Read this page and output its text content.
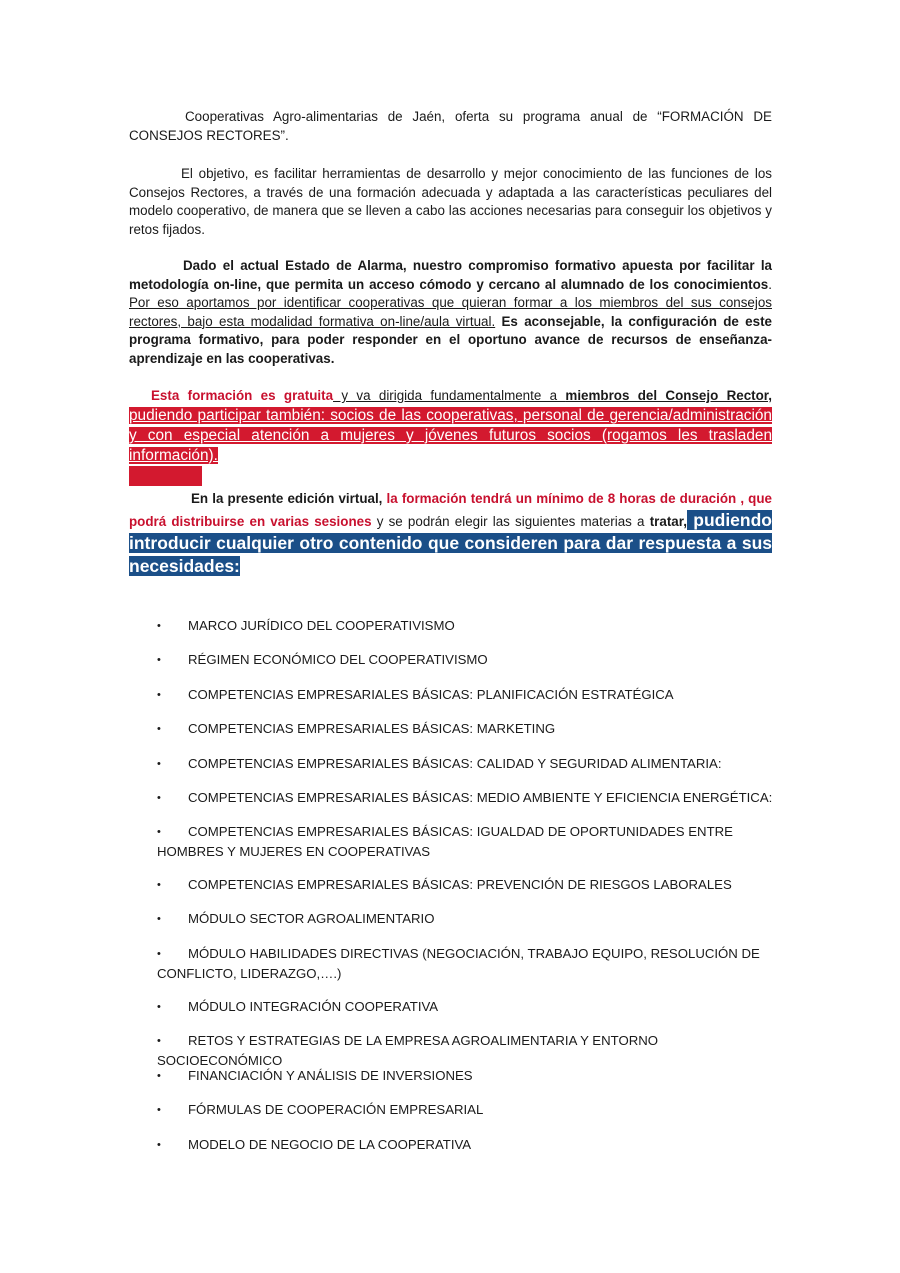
Cooperativas Agro-alimentarias de Jaén, oferta su programa anual de “FORMACIÓN DE CONSEJOS RECTORES”.

El objetivo, es facilitar herramientas de desarrollo y mejor conocimiento de las funciones de los Consejos Rectores, a través de una formación adecuada y adaptada a las características peculiares del modelo cooperativo, de manera que se lleven a cabo las acciones necesarias para conseguir los objetivos y retos fijados.

Dado el actual Estado de Alarma, nuestro compromiso formativo apuesta por facilitar la metodología on-line, que permita un acceso cómodo y cercano al alumnado de los conocimientos. Por eso aportamos por identificar cooperativas que quieran formar a los miembros del sus consejos rectores, bajo esta modalidad formativa on-line/aula virtual. Es aconsejable, la configuración de este programa formativo, para poder responder en el oportuno avance de recursos de enseñanza-aprendizaje en las cooperativas.

Esta formación es gratuita y va dirigida fundamentalmente a miembros del Consejo Rector, pudiendo participar también: socios de las cooperativas, personal de gerencia/administración y con especial atención a mujeres y jóvenes futuros socios (rogamos les trasladen información).

En la presente edición virtual, la formación tendrá un mínimo de 8 horas de duración , que podrá distribuirse en varias sesiones y se podrán elegir las siguientes materias a tratar, pudiendo introducir cualquier otro contenido que consideren para dar respuesta a sus necesidades:

• MARCO JURÍDICO DEL COOPERATIVISMO
• RÉGIMEN ECONÓMICO DEL COOPERATIVISMO
• COMPETENCIAS EMPRESARIALES BÁSICAS: PLANIFICACIÓN ESTRATÉGICA
• COMPETENCIAS EMPRESARIALES BÁSICAS: MARKETING
• COMPETENCIAS EMPRESARIALES BÁSICAS: CALIDAD Y SEGURIDAD ALIMENTARIA:
• COMPETENCIAS EMPRESARIALES BÁSICAS: MEDIO AMBIENTE Y EFICIENCIA ENERGÉTICA:
• COMPETENCIAS EMPRESARIALES BÁSICAS: IGUALDAD DE OPORTUNIDADES ENTRE HOMBRES Y MUJERES EN COOPERATIVAS
• COMPETENCIAS EMPRESARIALES BÁSICAS: PREVENCIÓN DE RIESGOS LABORALES
• MÓDULO SECTOR AGROALIMENTARIO
• MÓDULO HABILIDADES DIRECTIVAS (NEGOCIACIÓN, TRABAJO EQUIPO, RESOLUCIÓN DE CONFLICTO, LIDERAZGO,….)
• MÓDULO INTEGRACIÓN COOPERATIVA
• RETOS Y ESTRATEGIAS DE LA EMPRESA AGROALIMENTARIA Y ENTORNO SOCIOECONÓMICO
• FINANCIACIÓN Y ANÁLISIS DE INVERSIONES
• FÓRMULAS DE COOPERACIÓN EMPRESARIAL
• MODELO DE NEGOCIO DE LA COOPERATIVA
